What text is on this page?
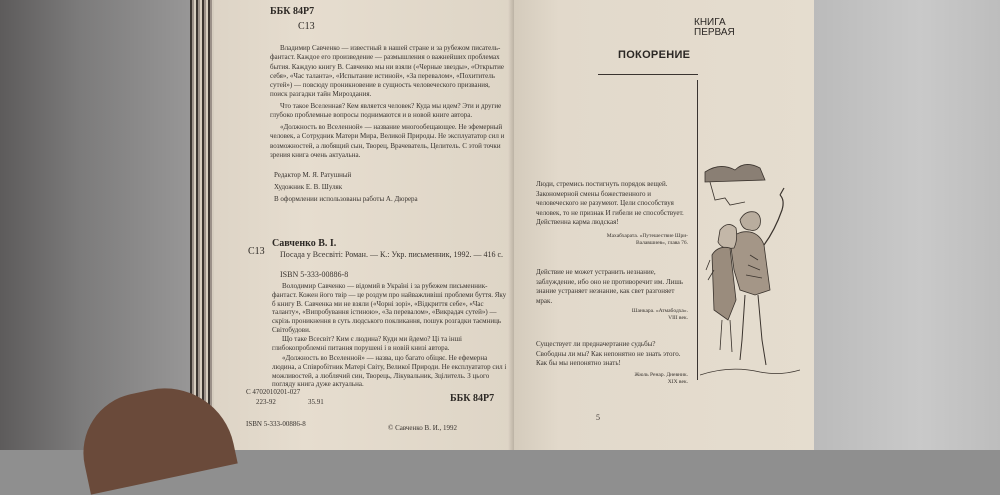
ББК 84Р7
С13

Владимир Савченко — известный в нашей стране и за рубежом писатель-фантаст. Каждое его произведение — размышления о важнейших проблемах бытия. Каждую книгу В. Савченко мы ни взяли («Черные звезды», «Открытие себя», «Час таланта», «Испытание истиной», «За перевалом», «Похититель сутей») — повсюду проникновение в сущность человеческого призвания, поиск разгадки тайн Мироздания.

Что такое Вселенная? Кем является человек? Куда мы идем? Эти и другие глубоко проблемные вопросы поднимаются и в новой книге автора.

«Должность во Вселенной» — название многообещающее. Не эфемерный человек, а Сотрудник Матери Мира, Великой Природы. Не эксплуататор сил и возможностей, а любящий сын, Творец, Врачеватель, Целитель. С этой точки зрения книга очень актуальна.

Редактор М. Я. Ратушный
Художник Е. В. Шуляк
В оформлении использованы работы А. Дюрера
С13
Савченко В. І.

Посада у Всесвіті: Роман. — К.: Укр. письменник, 1992. — 416 с.

ISBN 5-333-00886-8

Володимир Савченко — відомий в Україні і за рубежем письменник-фантаст. Кожен його твір — це роздум про найважливіші проблеми буття. Яку б книгу В. Савченка ми не взяли («Чорні зорі», «Відкриття себе», «Час таланту», «Випробування істиною», «За перевалом», «Викрадач сутей») — скрізь проникнення в суть людського покликання, пошук розгадки таємниць Світобудови.

Що таке Всесвіт? Ким є людина? Куди ми йдемо? Ці та інші глибокопроблемні питання порушені і в новій книзі автора.

«Должность во Вселенной» — назва, що багато обіцяє. Не ефемерна людина, а Співробітник Матері Світу, Великої Природи. Не експлуататор сил і можливостей, а люблячий син, Творець, Лікувальник, Зцілитель. З цього погляду книга дуже актуальна.

С 4702010201-027
223-92	35.91	ББК 84Р7
ISBN 5-333-00886-8	© Савченко В. И., 1992
КНИГА ПЕРВАЯ
ПОКОРЕНИЕ

Люди, стремись постигнуть порядок вещей. Закономерной смены божественного и человеческого не разумеют. Цели способствуя человек, то не признак И гибели не способствует. Действенна карма людская!

Махабхарата. «Путешествие Шри-Валавшиев», глава 76.

Действие не может устранить незнание, заблуждение, ибо оно не противоречит им. Лишь знание устраняет незнание, как свет разгоняет мрак.

Шанкара. «Атмабодха». VIII век.

Существует ли предначертание судьбы? Свободны ли мы? Как непонятно не знать этого. Как бы мы непонятно знать!

Жюль Ренар. Дневник. XIX век.

5
